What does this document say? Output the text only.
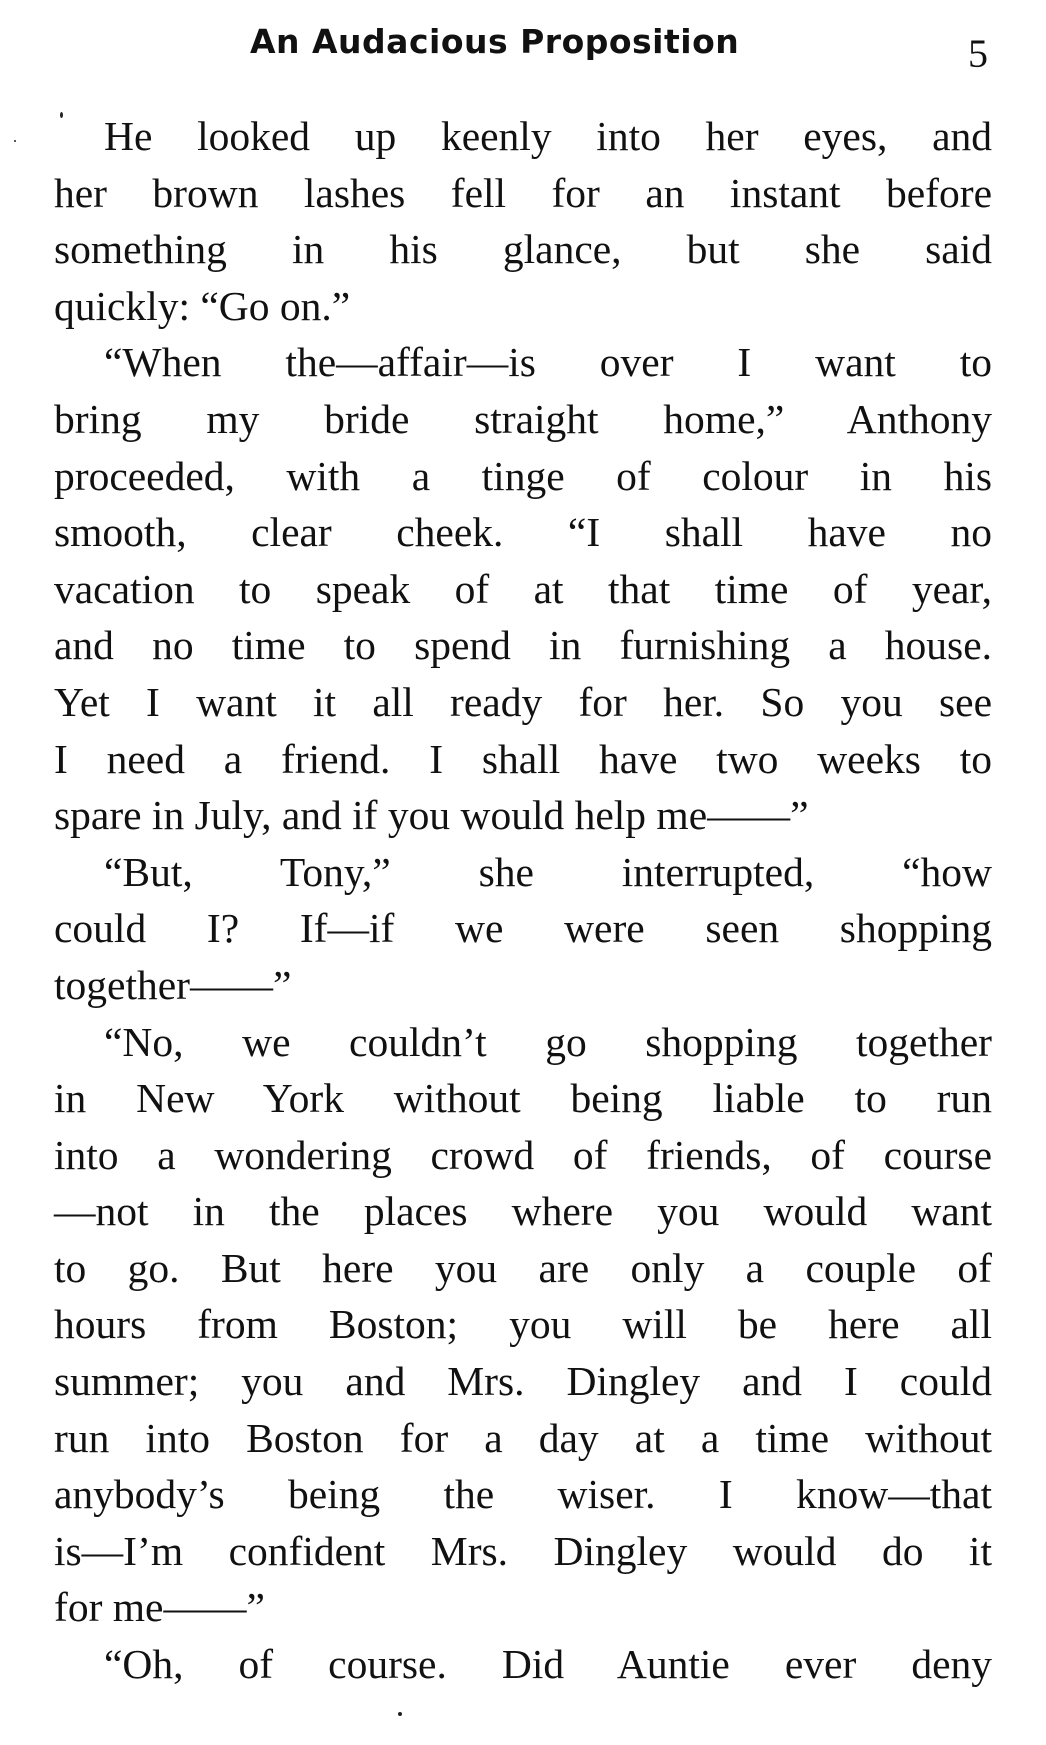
An Audacious Proposition	5
He looked up keenly into her eyes, and
her brown lashes fell for an instant before
something in his glance, but she said
quickly: “Go on.”
“When the—affair—is over I want to
bring my bride straight home,” Anthony
proceeded, with a tinge of colour in his
smooth, clear cheek. “I shall have no
vacation to speak of at that time of year,
and no time to spend in furnishing a house.
Yet I want it all ready for her. So you see
I need a friend. I shall have two weeks to
spare in July, and if you would help me——”
“But, Tony,” she interrupted, “how
could I? If—if we were seen shopping
together——”
“No, we couldn’t go shopping together
in New York without being liable to run
into a wondering crowd of friends, of course
—not in the places where you would want
to go. But here you are only a couple of
hours from Boston; you will be here all
summer; you and Mrs. Dingley and I could
run into Boston for a day at a time without
anybody’s being the wiser. I know—that
is—I’m confident Mrs. Dingley would do it
for me——”
“Oh, of course. Did Auntie ever deny
